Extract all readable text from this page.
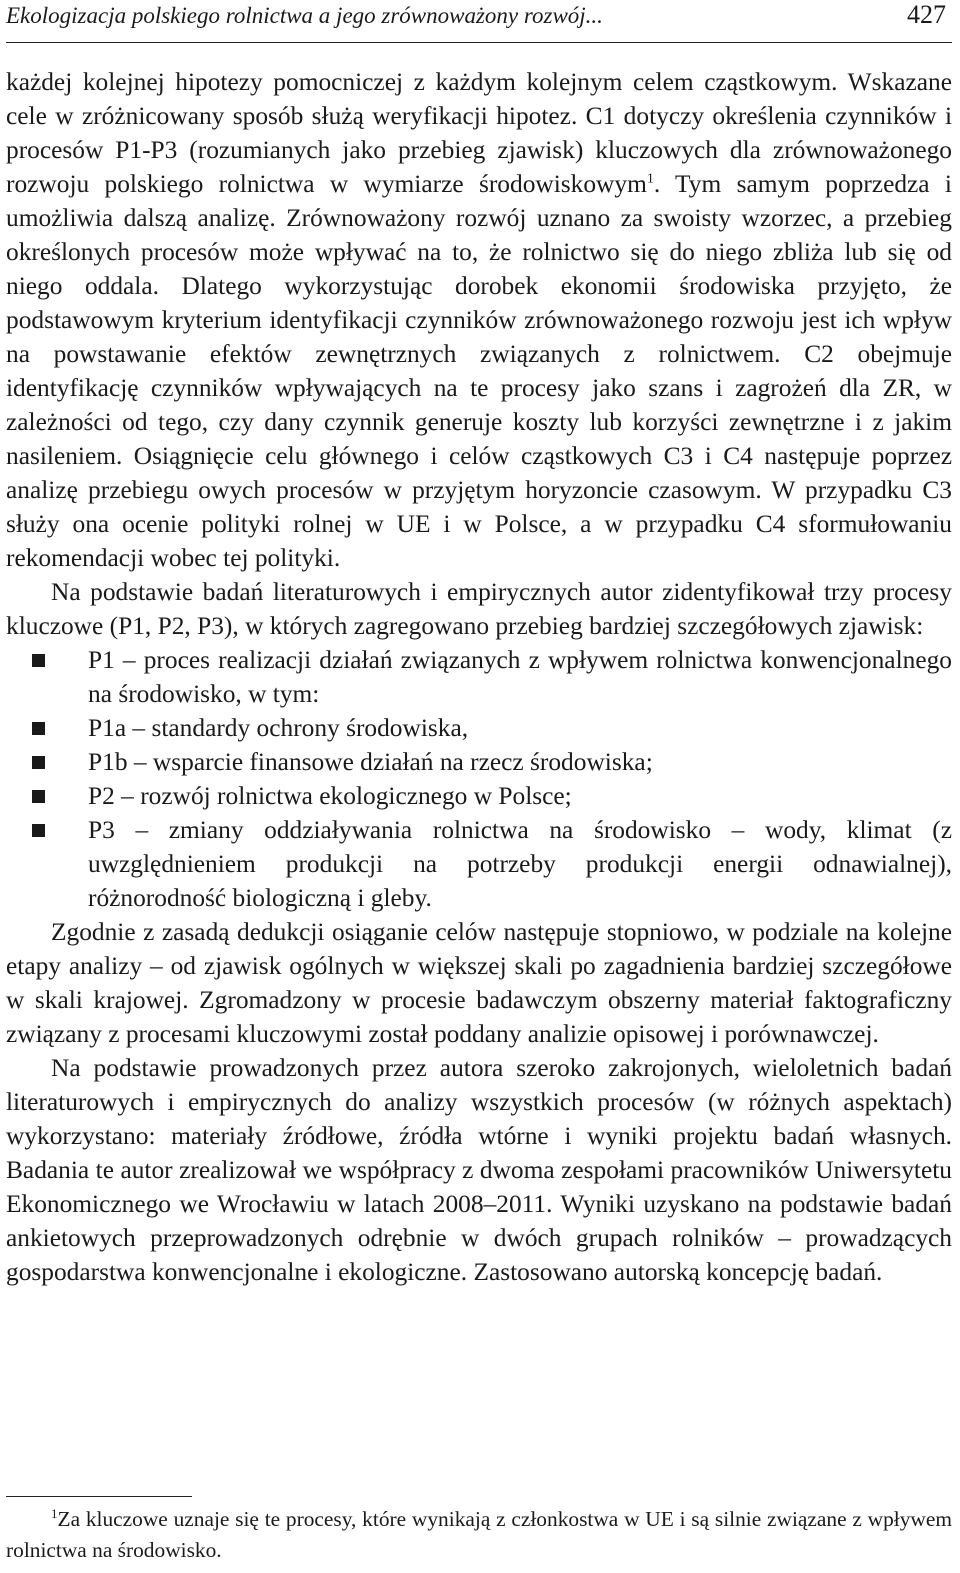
Ekologizacja polskiego rolnictwa a jego zrównoważony rozwój...	427

każdej kolejnej hipotezy pomocniczej z każdym kolejnym celem cząstkowym. Wskazane cele w zróżnicowany sposób służą weryfikacji hipotez. C1 dotyczy określenia czynników i procesów P1-P3 (rozumianych jako przebieg zjawisk) kluczowych dla zrównoważonego rozwoju polskiego rolnictwa w wymiarze środowiskowym$^1$. Tym samym poprzedza i umożliwia dalszą analizę. Zrównoważony rozwój uznano za swoisty wzorzec, a przebieg określonych procesów może wpływać na to, że rolnictwo się do niego zbliża lub się od niego oddala. Dlatego wykorzystując dorobek ekonomii środowiska przyjęto, że podstawowym kryterium identyfikacji czynników zrównoważonego rozwoju jest ich wpływ na powstawanie efektów zewnętrznych związanych z rolnictwem. C2 obejmuje identyfikację czynników wpływających na te procesy jako szans i zagrożeń dla ZR, w zależności od tego, czy dany czynnik generuje koszty lub korzyści zewnętrzne i z jakim nasileniem. Osiągnięcie celu głównego i celów cząstkowych C3 i C4 następuje poprzez analizę przebiegu owych procesów w przyjętym horyzoncie czasowym. W przypadku C3 służy ona ocenie polityki rolnej w UE i w Polsce, a w przypadku C4 sformułowaniu rekomendacji wobec tej polityki.

Na podstawie badań literaturowych i empirycznych autor zidentyfikował trzy procesy kluczowe (P1, P2, P3), w których zagregowano przebieg bardziej szczegółowych zjawisk:

P1 – proces realizacji działań związanych z wpływem rolnictwa konwencjonalnego na środowisko, w tym:
P1a – standardy ochrony środowiska,
P1b – wsparcie finansowe działań na rzecz środowiska;
P2 – rozwój rolnictwa ekologicznego w Polsce;
P3 – zmiany oddziaływania rolnictwa na środowisko – wody, klimat (z uwzględnieniem produkcji na potrzeby produkcji energii odnawialnej), różnorodność biologiczną i gleby.

Zgodnie z zasadą dedukcji osiąganie celów następuje stopniowo, w podziale na kolejne etapy analizy – od zjawisk ogólnych w większej skali po zagadnienia bardziej szczegółowe w skali krajowej. Zgromadzony w procesie badawczym obszerny materiał faktograficzny związany z procesami kluczowymi został poddany analizie opisowej i porównawczej.

Na podstawie prowadzonych przez autora szeroko zakrojonych, wieloletnich badań literaturowych i empirycznych do analizy wszystkich procesów (w różnych aspektach) wykorzystano: materiały źródłowe, źródła wtórne i wyniki projektu badań własnych. Badania te autor zrealizował we współpracy z dwoma zespołami pracowników Uniwersytetu Ekonomicznego we Wrocławiu w latach 2008–2011. Wyniki uzyskano na podstawie badań ankietowych przeprowadzonych odrębnie w dwóch grupach rolników – prowadzących gospodarstwa konwencjonalne i ekologiczne. Zastosowano autorską koncepcję badań.

$^1$Za kluczowe uznaje się te procesy, które wynikają z członkostwa w UE i są silnie związane z wpływem rolnictwa na środowisko.
